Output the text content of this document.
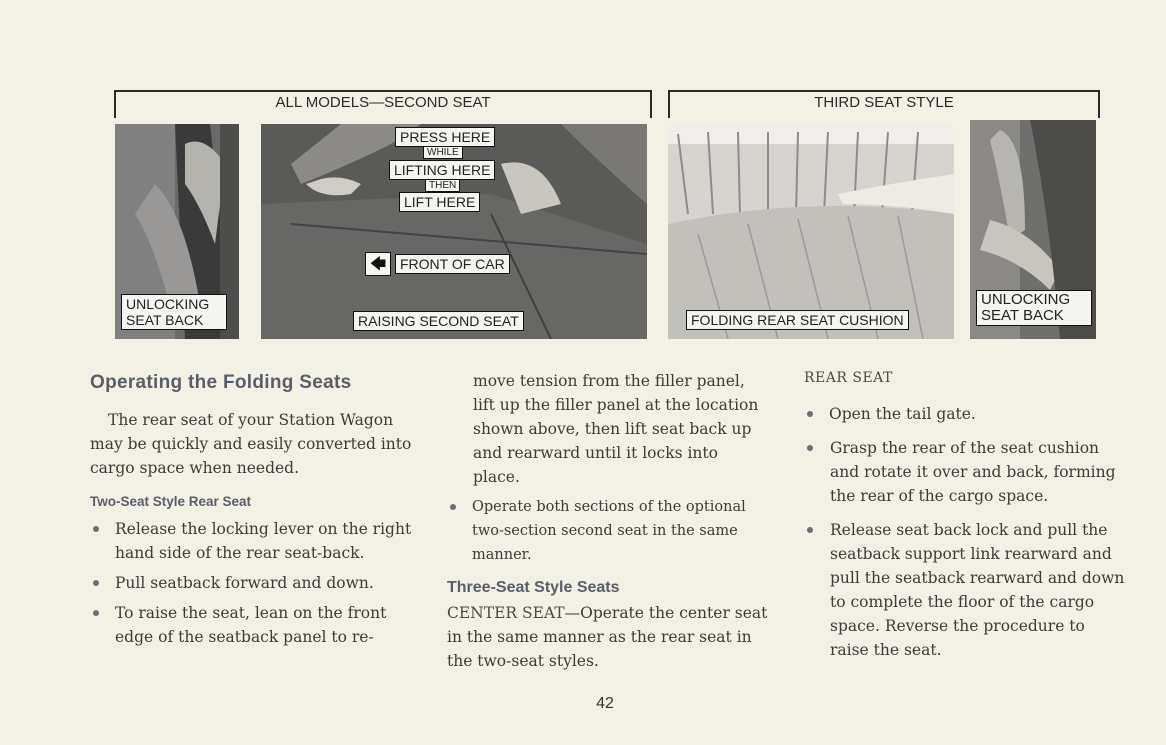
ALL MODELS—SECOND SEAT	THIRD SEAT STYLE
UNLOCKING
SEAT BACK
PRESS HERE
WHILE
LIFTING HERE
THEN
LIFT HERE
🡄 FRONT OF CAR
RAISING SECOND SEAT	FOLDING REAR SEAT CUSHION
UNLOCKING
SEAT BACK
Operating the Folding Seats
The rear seat of your Station Wagon may be quickly and easily converted into cargo space when needed.
Two-Seat Style Rear Seat
Release the locking lever on the right hand side of the rear seat-back.
Pull seatback forward and down.
To raise the seat, lean on the front edge of the seatback panel to re-
move tension from the filler panel, lift up the filler panel at the location shown above, then lift seat back up and rearward until it locks into place.
Operate both sections of the optional two-section second seat in the same manner.
Three-Seat Style Seats
CENTER SEAT—Operate the center seat in the same manner as the rear seat in the two-seat styles.
REAR SEAT
Open the tail gate.
Grasp the rear of the seat cushion and rotate it over and back, forming the rear of the cargo space.
Release seat back lock and pull the seatback support link rearward and pull the seatback rearward and down to complete the floor of the cargo space. Reverse the procedure to raise the seat.
42
